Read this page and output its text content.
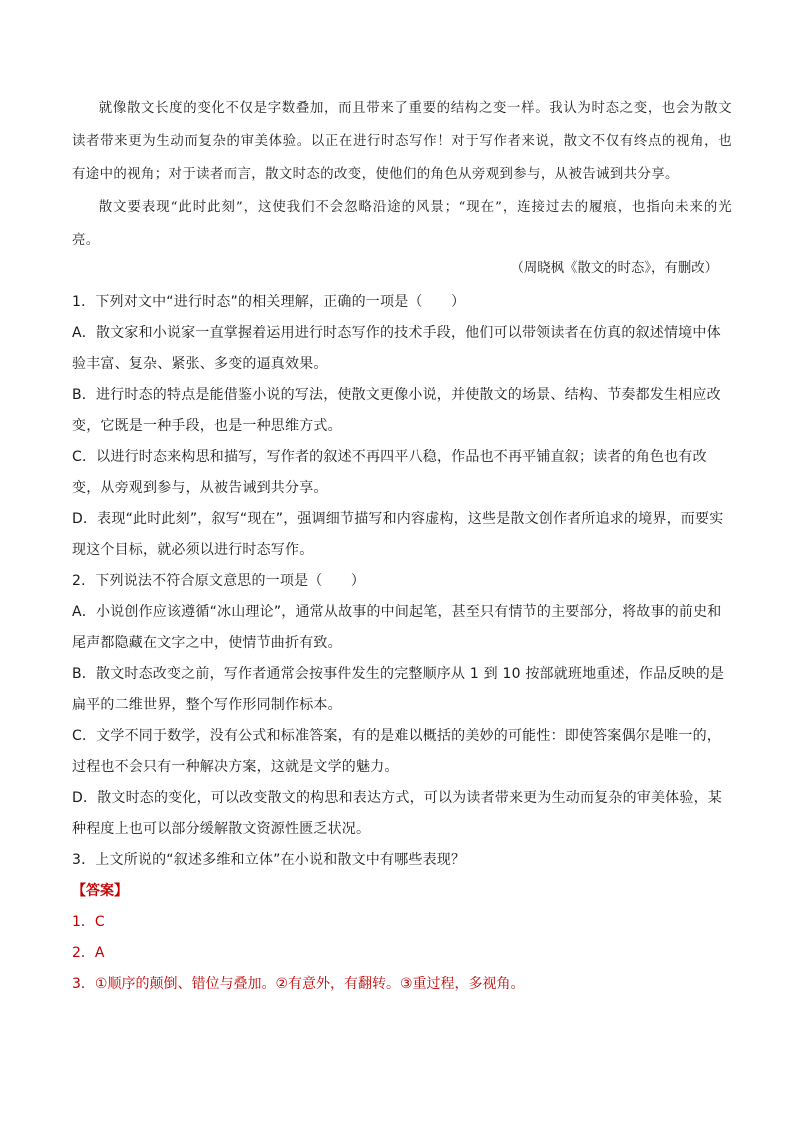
就像散文长度的变化不仅是字数叠加，而且带来了重要的结构之变一样。我认为时态之变，也会为散文读者带来更为生动而复杂的审美体验。以正在进行时态写作！对于写作者来说，散文不仅有终点的视角，也有途中的视角；对于读者而言，散文时态的改变，使他们的角色从旁观到参与，从被告诫到共分享。

散文要表现“此时此刻”，这使我们不会忽略沿途的风景；“现在”，连接过去的履痕，也指向未来的光亮。

（周晓枫《散文的时态》，有删改）

1．下列对文中“进行时态”的相关理解，正确的一项是（　　）

A．散文家和小说家一直掌握着运用进行时态写作的技术手段，他们可以带领读者在仿真的叙述情境中体验丰富、复杂、紧张、多变的逼真效果。

B．进行时态的特点是能借鉴小说的写法，使散文更像小说，并使散文的场景、结构、节奏都发生相应改变，它既是一种手段，也是一种思维方式。

C．以进行时态来构思和描写，写作者的叙述不再四平八稳，作品也不再平铺直叙；读者的角色也有改变，从旁观到参与，从被告诫到共分享。

D．表现“此时此刻”，叙写“现在”，强调细节描写和内容虚构，这些是散文创作者所追求的境界，而要实现这个目标，就必须以进行时态写作。

2．下列说法不符合原文意思的一项是（　　）

A．小说创作应该遵循“冰山理论”，通常从故事的中间起笔，甚至只有情节的主要部分，将故事的前史和尾声都隐藏在文字之中，使情节曲折有致。

B．散文时态改变之前，写作者通常会按事件发生的完整顺序从 1 到 10 按部就班地重述，作品反映的是扁平的二维世界，整个写作形同制作标本。

C．文学不同于数学，没有公式和标准答案，有的是难以概括的美妙的可能性：即使答案偶尔是唯一的，过程也不会只有一种解决方案，这就是文学的魅力。

D．散文时态的变化，可以改变散文的构思和表达方式，可以为读者带来更为生动而复杂的审美体验，某种程度上也可以部分缓解散文资源性匮乏状况。

3．上文所说的“叙述多维和立体”在小说和散文中有哪些表现？

【答案】

1．C

2．A

3．①顺序的颠倒、错位与叠加。②有意外，有翻转。③重过程，多视角。
